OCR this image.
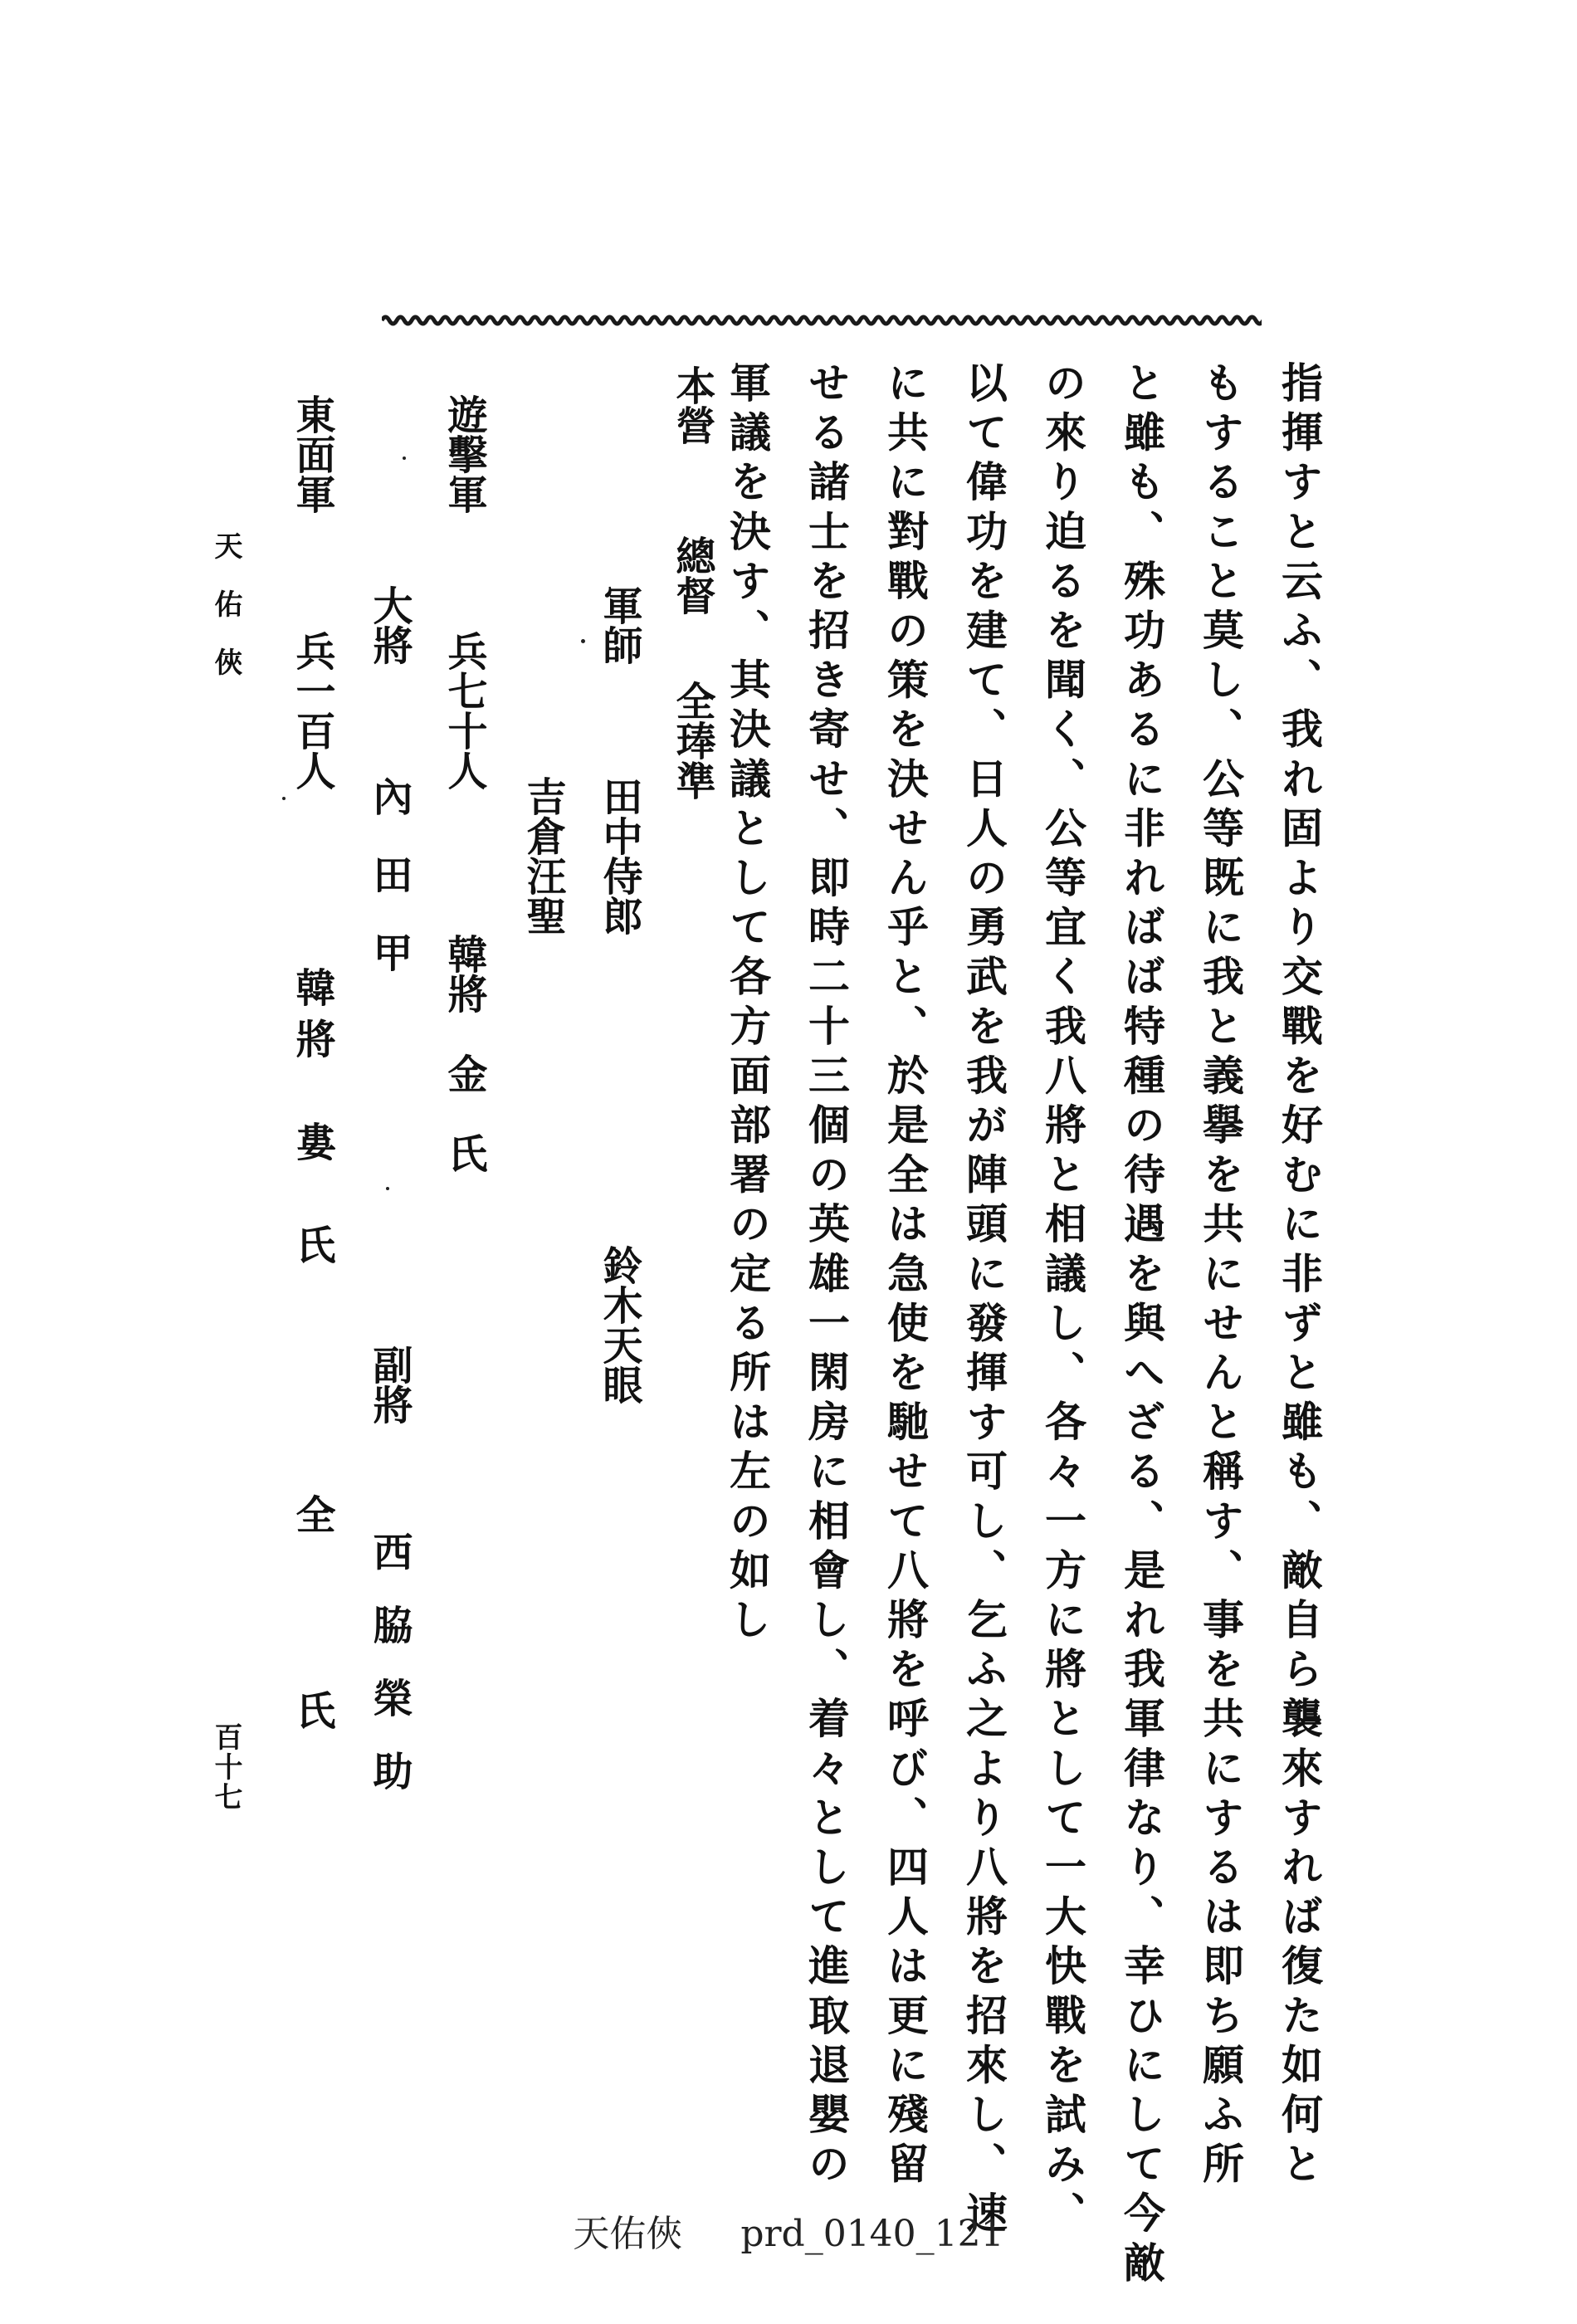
指揮すと云ふ、我れ固より交戰を好むに非ずと雖も、敵自ら襲來すれば復た如何と
もすること莫し、公等既に我と義擧を共にせんと稱す、事を共にするは即ち願ふ所
と雖も、殊功あるに非ればば特種の待遇を與へざる、是れ我軍律なり、幸ひにして今敵
の來り迫るを聞く、公等宜く我八將と相議し、各々一方に將として一大快戰を試み、
以て偉功を建て、日人の勇武を我が陣頭に發揮す可し、乞ふ之より八將を招來し、速
に共に對戰の策を決せん乎と、於是全は急使を馳せて八將を呼び、四人は更に殘留
せる諸士を招き寄せ、即時二十三個の英雄一閑房に相會し、着々として進取退嬰の
軍議を決す、其決議として各方面部署の定る所は左の如し
本營
總督
全琫準
軍師
田中侍郎
鈴木天眼
吉倉汪聖
遊擊軍
兵七十人
韓將　金　氏
大將
內田甲
副將
西脇榮助
東面軍
兵一百人
韓將　婁　氏
全　氏
天佑俠
百十七
天佑俠 prd_0140_121
